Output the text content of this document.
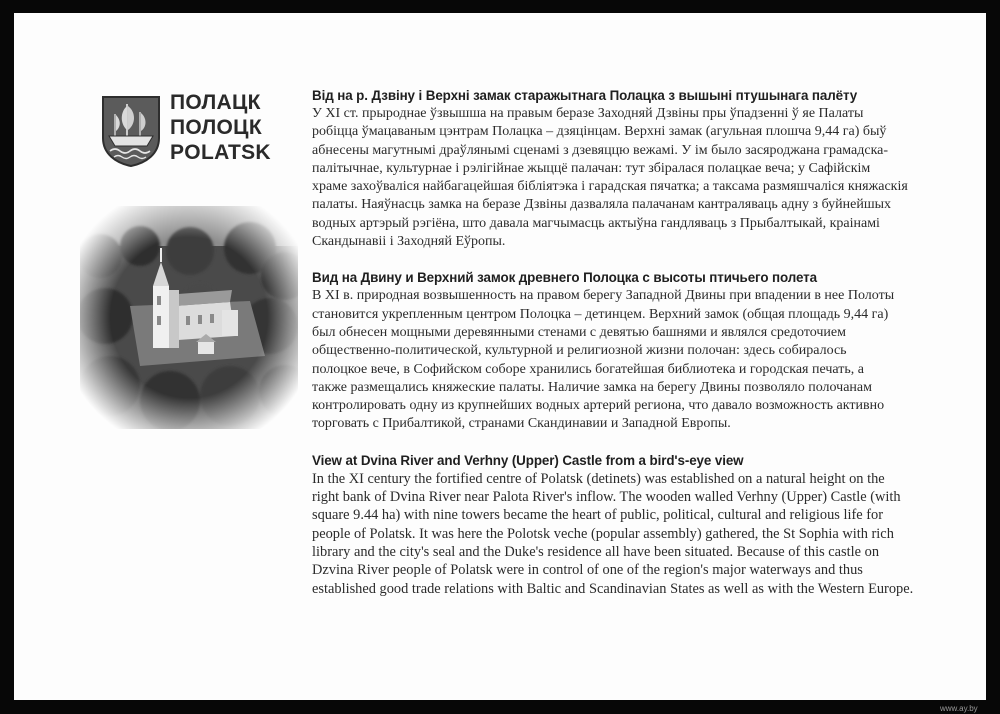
ПОЛАЦК
ПОЛОЦК
POLATSK
Від на р. Дзвіну і Верхні замак старажытнага Полацка з вышыні птушынага палёту

У XI ст. прыроднае ўзвышша на правым беразе Заходняй Дзвіны пры ўпадзенні ў яе Палаты
робіцца ўмацаваным цэнтрам Полацка – дзяцінцам. Верхні замак (агульная плошча 9,44 га) быў
абнесены магутнымі драўлянымі сценамі з дзевяццю вежамі. У ім было засяроджана грамадска-
палітычнае, культурнае і рэлігійнае жыццё палачан: тут збіралася полацкае веча; у Сафійскім
храме захоўваліся найбагацейшая бібліятэка і гарадская пячатка; а таксама размяшчаліся княжаскія
палаты. Наяўнасць замка на беразе Дзвіны дазваляла палачанам кантраляваць адну з буйнейшых
водных артэрый рэгіёна, што давала магчымасць актыўна гандляваць з Прыбалтыкай, краінамі
Скандынавіі і Заходняй Еўропы.

Вид на Двину и Верхний замок древнего Полоцка с высоты птичьего полета

В XI в. природная возвышенность на правом берегу Западной Двины при впадении в нее Полоты
становится укрепленным центром Полоцка – детинцем. Верхний замок (общая площадь 9,44 га)
был обнесен мощными деревянными стенами с девятью башнями и являлся средоточием
общественно-политической, культурной и религиозной жизни полочан: здесь собиралось
полоцкое вече, в Софийском соборе хранились богатейшая библиотека и городская печать, а
также размещались княжеские палаты. Наличие замка на берегу Двины позволяло полочанам
контролировать одну из крупнейших водных артерий региона, что давало возможность активно
торговать с Прибалтикой, странами Скандинавии и Западной Европы.

View at Dvina River and Verhny (Upper) Castle from a bird's-eye view

In the XI century the fortified centre of Polatsk (detinets) was established on a natural height on the
right bank of Dvina River near Palota River's inflow. The wooden walled Verhny (Upper) Castle (with
square 9.44 ha) with nine towers became the heart of public, political, cultural and religious life for
people of Polatsk. It was here the Polotsk veche (popular assembly) gathered, the St Sophia with rich
library and the city's seal and the Duke's residence all have been situated. Because of this castle on
Dzvina River people of Polatsk were in control of one of the region's major waterways and thus
established good trade relations with Baltic and Scandinavian States as well as with the Western Europe.

www.ay.by
